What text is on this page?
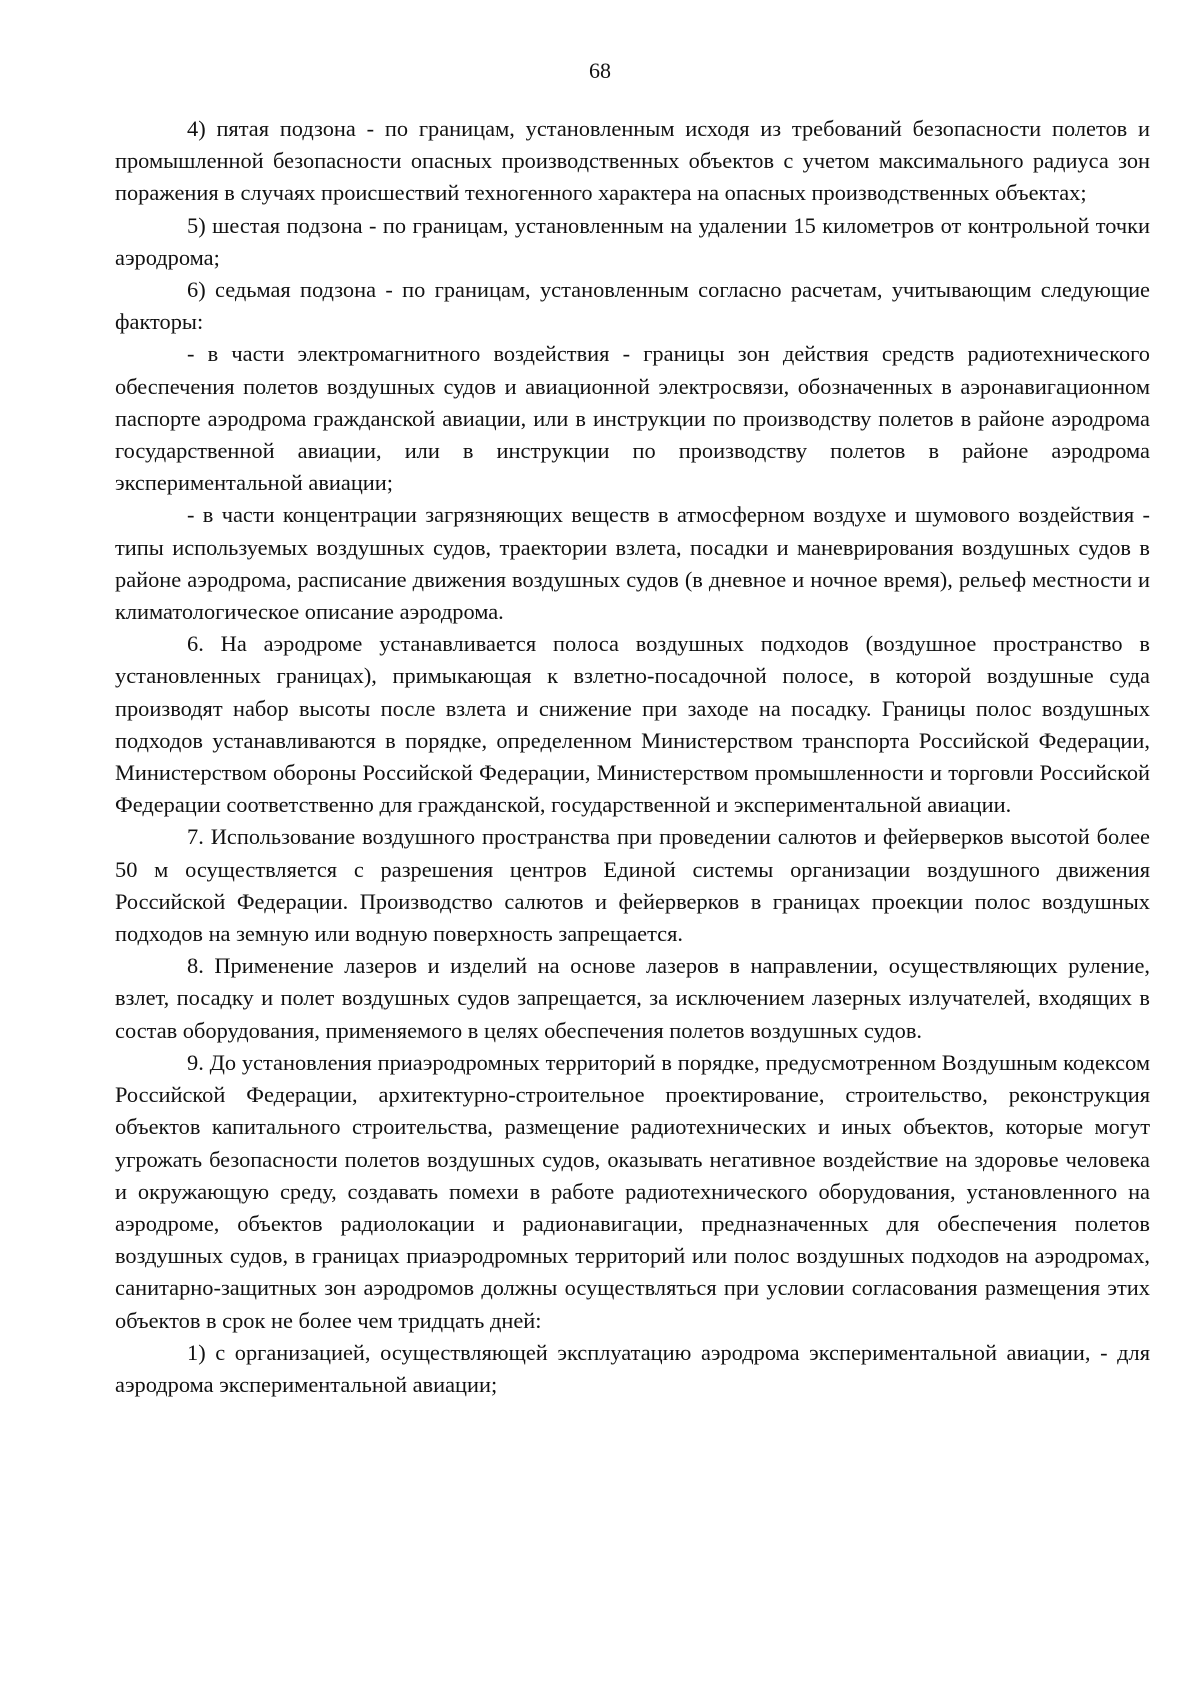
68

4) пятая подзона - по границам, установленным исходя из требований безопасности полетов и промышленной безопасности опасных производственных объектов с учетом максимального радиуса зон поражения в случаях происшествий техногенного характера на опасных производственных объектах;

5) шестая подзона - по границам, установленным на удалении 15 километров от контрольной точки аэродрома;

6) седьмая подзона - по границам, установленным согласно расчетам, учитывающим следующие факторы:

- в части электромагнитного воздействия - границы зон действия средств радиотехнического обеспечения полетов воздушных судов и авиационной электросвязи, обозначенных в аэронавигационном паспорте аэродрома гражданской авиации, или в инструкции по производству полетов в районе аэродрома государственной авиации, или в инструкции по производству полетов в районе аэродрома экспериментальной авиации;

- в части концентрации загрязняющих веществ в атмосферном воздухе и шумового воздействия - типы используемых воздушных судов, траектории взлета, посадки и маневрирования воздушных судов в районе аэродрома, расписание движения воздушных судов (в дневное и ночное время), рельеф местности и климатологическое описание аэродрома.

6. На аэродроме устанавливается полоса воздушных подходов (воздушное пространство в установленных границах), примыкающая к взлетно-посадочной полосе, в которой воздушные суда производят набор высоты после взлета и снижение при заходе на посадку. Границы полос воздушных подходов устанавливаются в порядке, определенном Министерством транспорта Российской Федерации, Министерством обороны Российской Федерации, Министерством промышленности и торговли Российской Федерации соответственно для гражданской, государственной и экспериментальной авиации.

7. Использование воздушного пространства при проведении салютов и фейерверков высотой более 50 м осуществляется с разрешения центров Единой системы организации воздушного движения Российской Федерации. Производство салютов и фейерверков в границах проекции полос воздушных подходов на земную или водную поверхность запрещается.

8. Применение лазеров и изделий на основе лазеров в направлении, осуществляющих руление, взлет, посадку и полет воздушных судов запрещается, за исключением лазерных излучателей, входящих в состав оборудования, применяемого в целях обеспечения полетов воздушных судов.

9. До установления приаэродромных территорий в порядке, предусмотренном Воздушным кодексом Российской Федерации, архитектурно-строительное проектирование, строительство, реконструкция объектов капитального строительства, размещение радиотехнических и иных объектов, которые могут угрожать безопасности полетов воздушных судов, оказывать негативное воздействие на здоровье человека и окружающую среду, создавать помехи в работе радиотехнического оборудования, установленного на аэродроме, объектов радиолокации и радионавигации, предназначенных для обеспечения полетов воздушных судов, в границах приаэродромных территорий или полос воздушных подходов на аэродромах, санитарно-защитных зон аэродромов должны осуществляться при условии согласования размещения этих объектов в срок не более чем тридцать дней:

1) с организацией, осуществляющей эксплуатацию аэродрома экспериментальной авиации, - для аэродрома экспериментальной авиации;
